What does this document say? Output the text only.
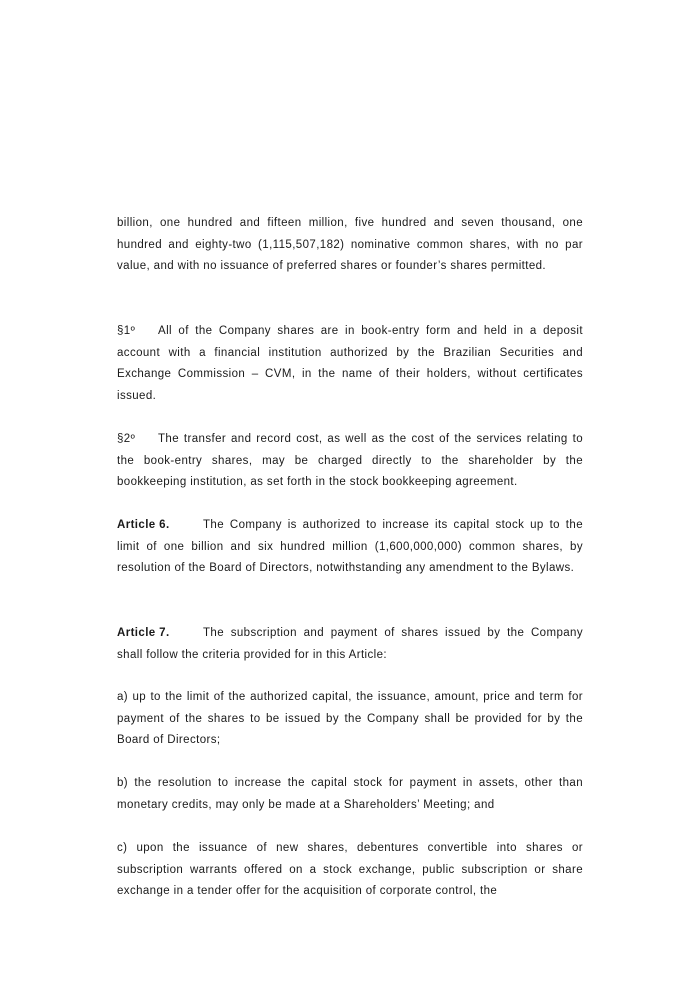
billion, one hundred and fifteen million, five hundred and seven thousand, one hundred and eighty-two (1,115,507,182) nominative common shares, with no par value, and with no issuance of preferred shares or founder’s shares permitted.

§1º All of the Company shares are in book-entry form and held in a deposit account with a financial institution authorized by the Brazilian Securities and Exchange Commission – CVM, in the name of their holders, without certificates issued.

§2º The transfer and record cost, as well as the cost of the services relating to the book-entry shares, may be charged directly to the shareholder by the bookkeeping institution, as set forth in the stock bookkeeping agreement.

Article 6.	The Company is authorized to increase its capital stock up to the limit of one billion and six hundred million (1,600,000,000) common shares, by resolution of the Board of Directors, notwithstanding any amendment to the Bylaws.

Article 7.	The subscription and payment of shares issued by the Company shall follow the criteria provided for in this Article:

a) up to the limit of the authorized capital, the issuance, amount, price and term for payment of the shares to be issued by the Company shall be provided for by the Board of Directors;

b) the resolution to increase the capital stock for payment in assets, other than monetary credits, may only be made at a Shareholders’ Meeting; and

c) upon the issuance of new shares, debentures convertible into shares or subscription warrants offered on a stock exchange, public subscription or share exchange in a tender offer for the acquisition of corporate control, the
